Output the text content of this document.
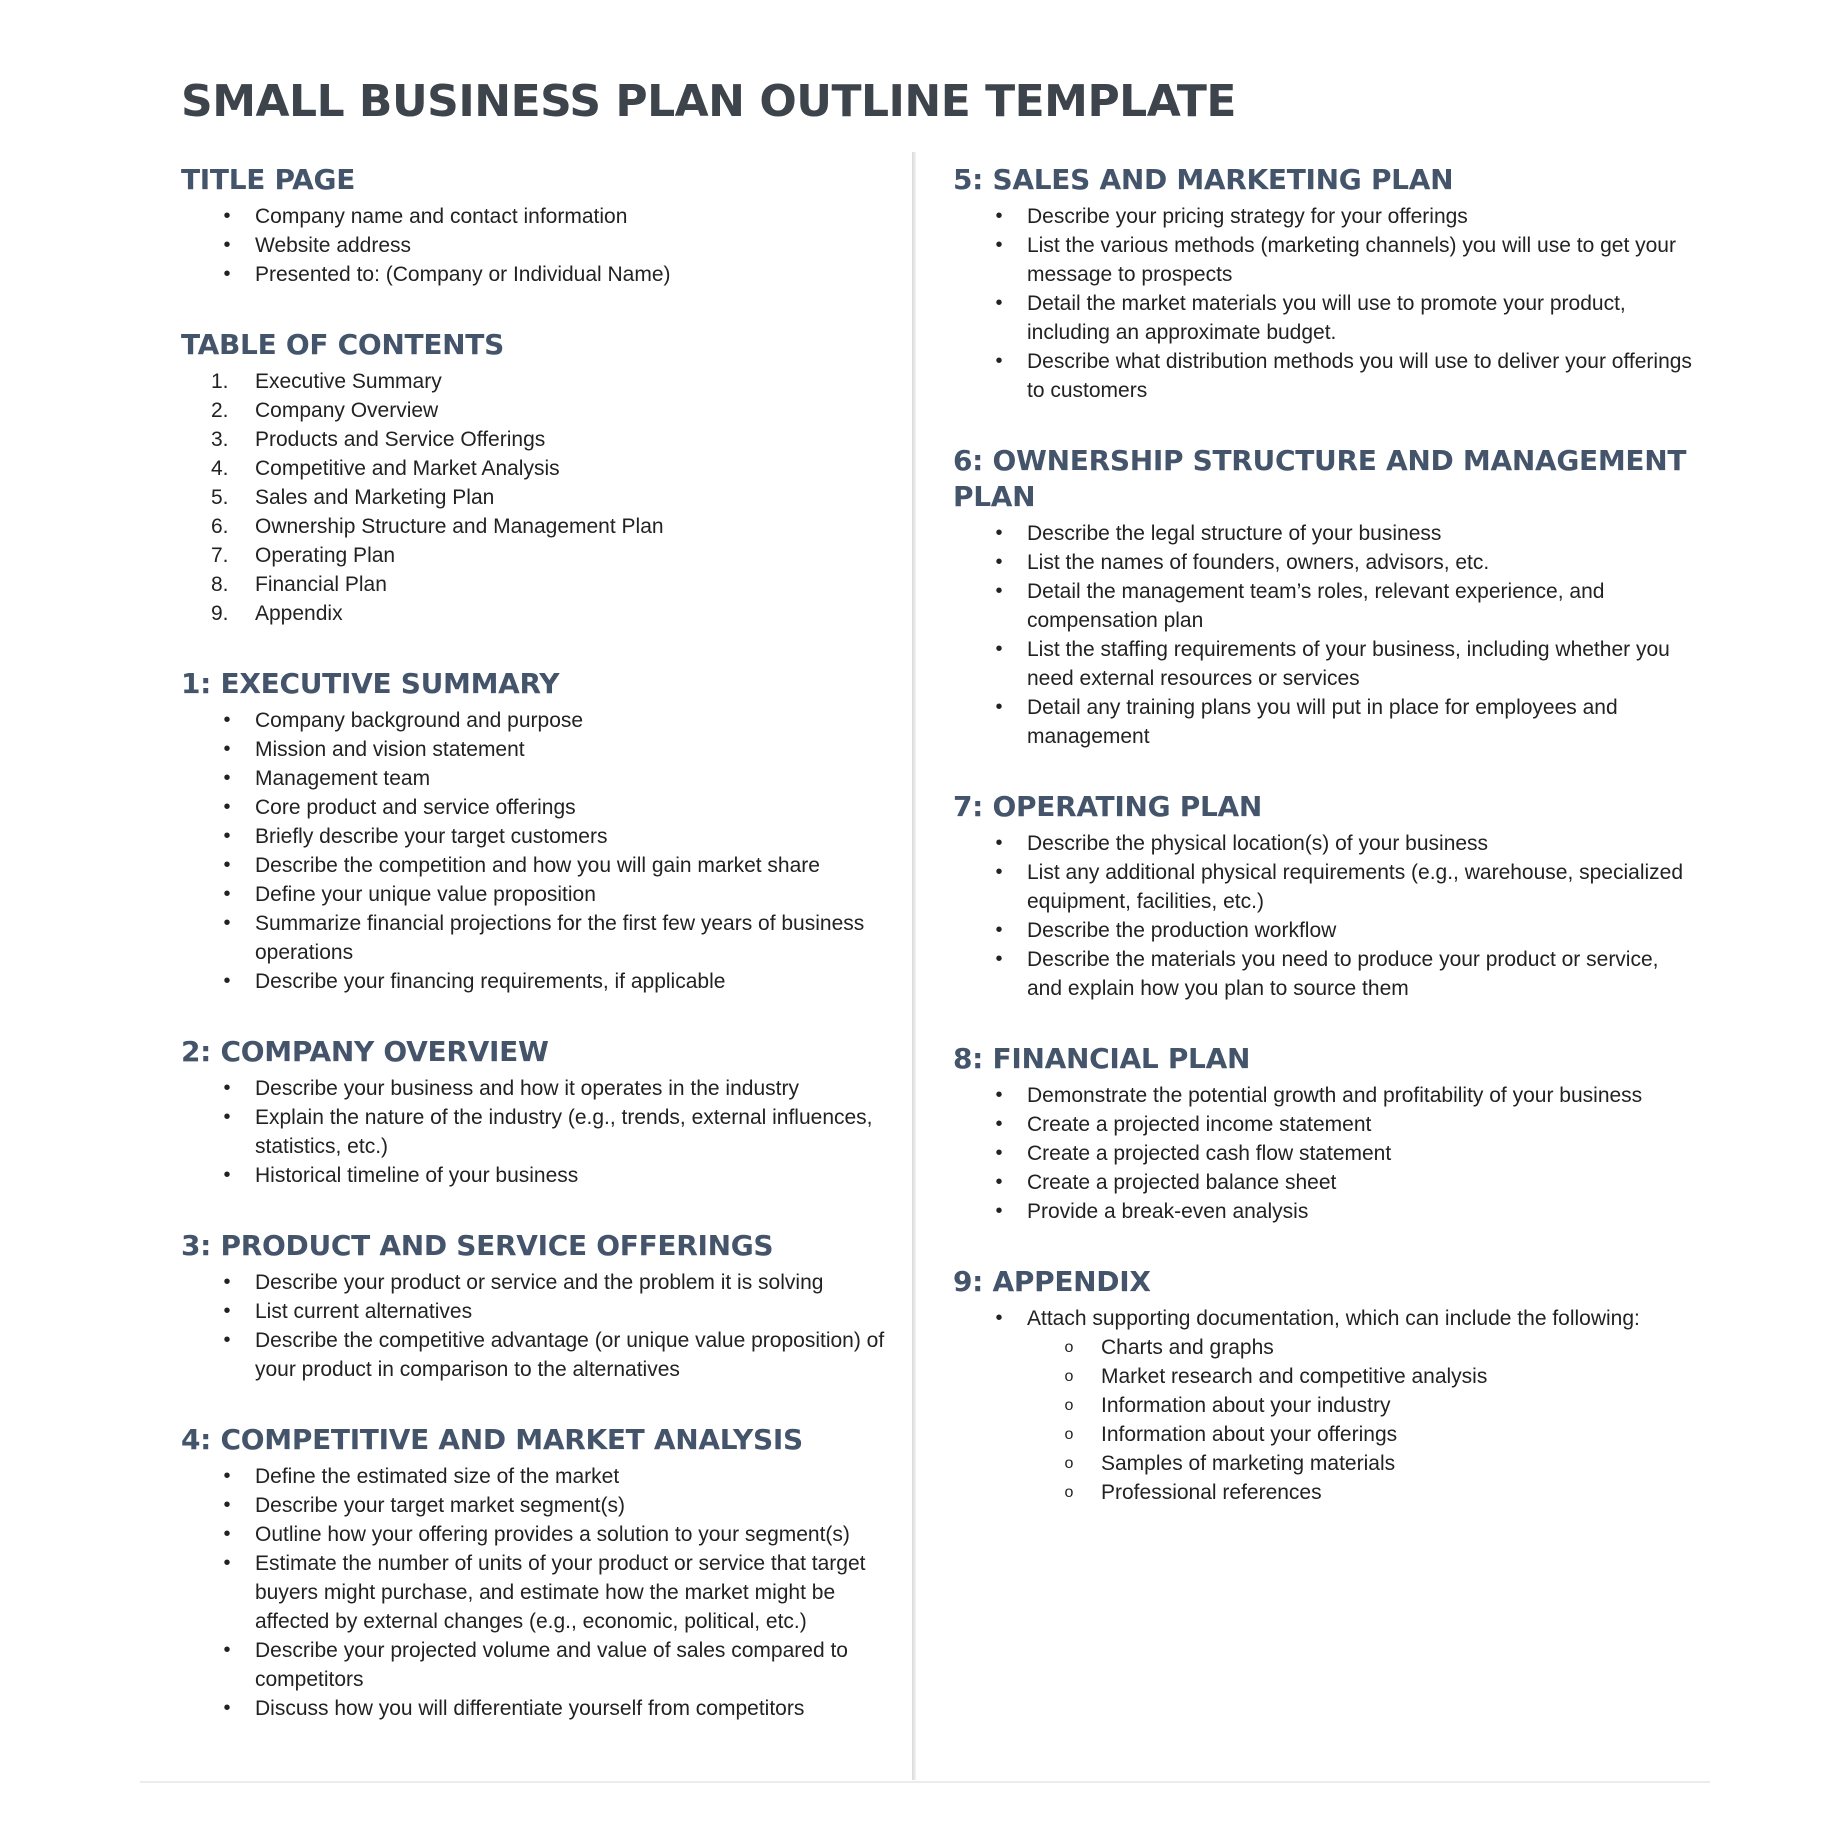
SMALL BUSINESS PLAN OUTLINE TEMPLATE
TITLE PAGE
•	Company name and contact information
•	Website address
•	Presented to: (Company or Individual Name)
TABLE OF CONTENTS
1.	Executive Summary
2.	Company Overview
3.	Products and Service Offerings
4.	Competitive and Market Analysis
5.	Sales and Marketing Plan
6.	Ownership Structure and Management Plan
7.	Operating Plan
8.	Financial Plan
9.	Appendix
1: EXECUTIVE SUMMARY
•	Company background and purpose
•	Mission and vision statement
•	Management team
•	Core product and service offerings
•	Briefly describe your target customers
•	Describe the competition and how you will gain market share
•	Define your unique value proposition
•	Summarize financial projections for the first few years of business operations
•	Describe your financing requirements, if applicable
2: COMPANY OVERVIEW
•	Describe your business and how it operates in the industry
•	Explain the nature of the industry (e.g., trends, external influences, statistics, etc.)
•	Historical timeline of your business
3: PRODUCT AND SERVICE OFFERINGS
•	Describe your product or service and the problem it is solving
•	List current alternatives
•	Describe the competitive advantage (or unique value proposition) of your product in comparison to the alternatives
4: COMPETITIVE AND MARKET ANALYSIS
•	Define the estimated size of the market
•	Describe your target market segment(s)
•	Outline how your offering provides a solution to your segment(s)
•	Estimate the number of units of your product or service that target buyers might purchase, and estimate how the market might be affected by external changes (e.g., economic, political, etc.)
•	Describe your projected volume and value of sales compared to competitors
•	Discuss how you will differentiate yourself from competitors
5: SALES AND MARKETING PLAN
•	Describe your pricing strategy for your offerings
•	List the various methods (marketing channels) you will use to get your message to prospects
•	Detail the market materials you will use to promote your product, including an approximate budget.
•	Describe what distribution methods you will use to deliver your offerings to customers
6: OWNERSHIP STRUCTURE AND MANAGEMENT PLAN
•	Describe the legal structure of your business
•	List the names of founders, owners, advisors, etc.
•	Detail the management team’s roles, relevant experience, and compensation plan
•	List the staffing requirements of your business, including whether you need external resources or services
•	Detail any training plans you will put in place for employees and management
7: OPERATING PLAN
•	Describe the physical location(s) of your business
•	List any additional physical requirements (e.g., warehouse, specialized equipment, facilities, etc.)
•	Describe the production workflow
•	Describe the materials you need to produce your product or service, and explain how you plan to source them
8: FINANCIAL PLAN
•	Demonstrate the potential growth and profitability of your business
•	Create a projected income statement
•	Create a projected cash flow statement
•	Create a projected balance sheet
•	Provide a break-even analysis
9: APPENDIX
•	Attach supporting documentation, which can include the following:
o Charts and graphs
o Market research and competitive analysis
o Information about your industry
o Information about your offerings
o Samples of marketing materials
o Professional references
